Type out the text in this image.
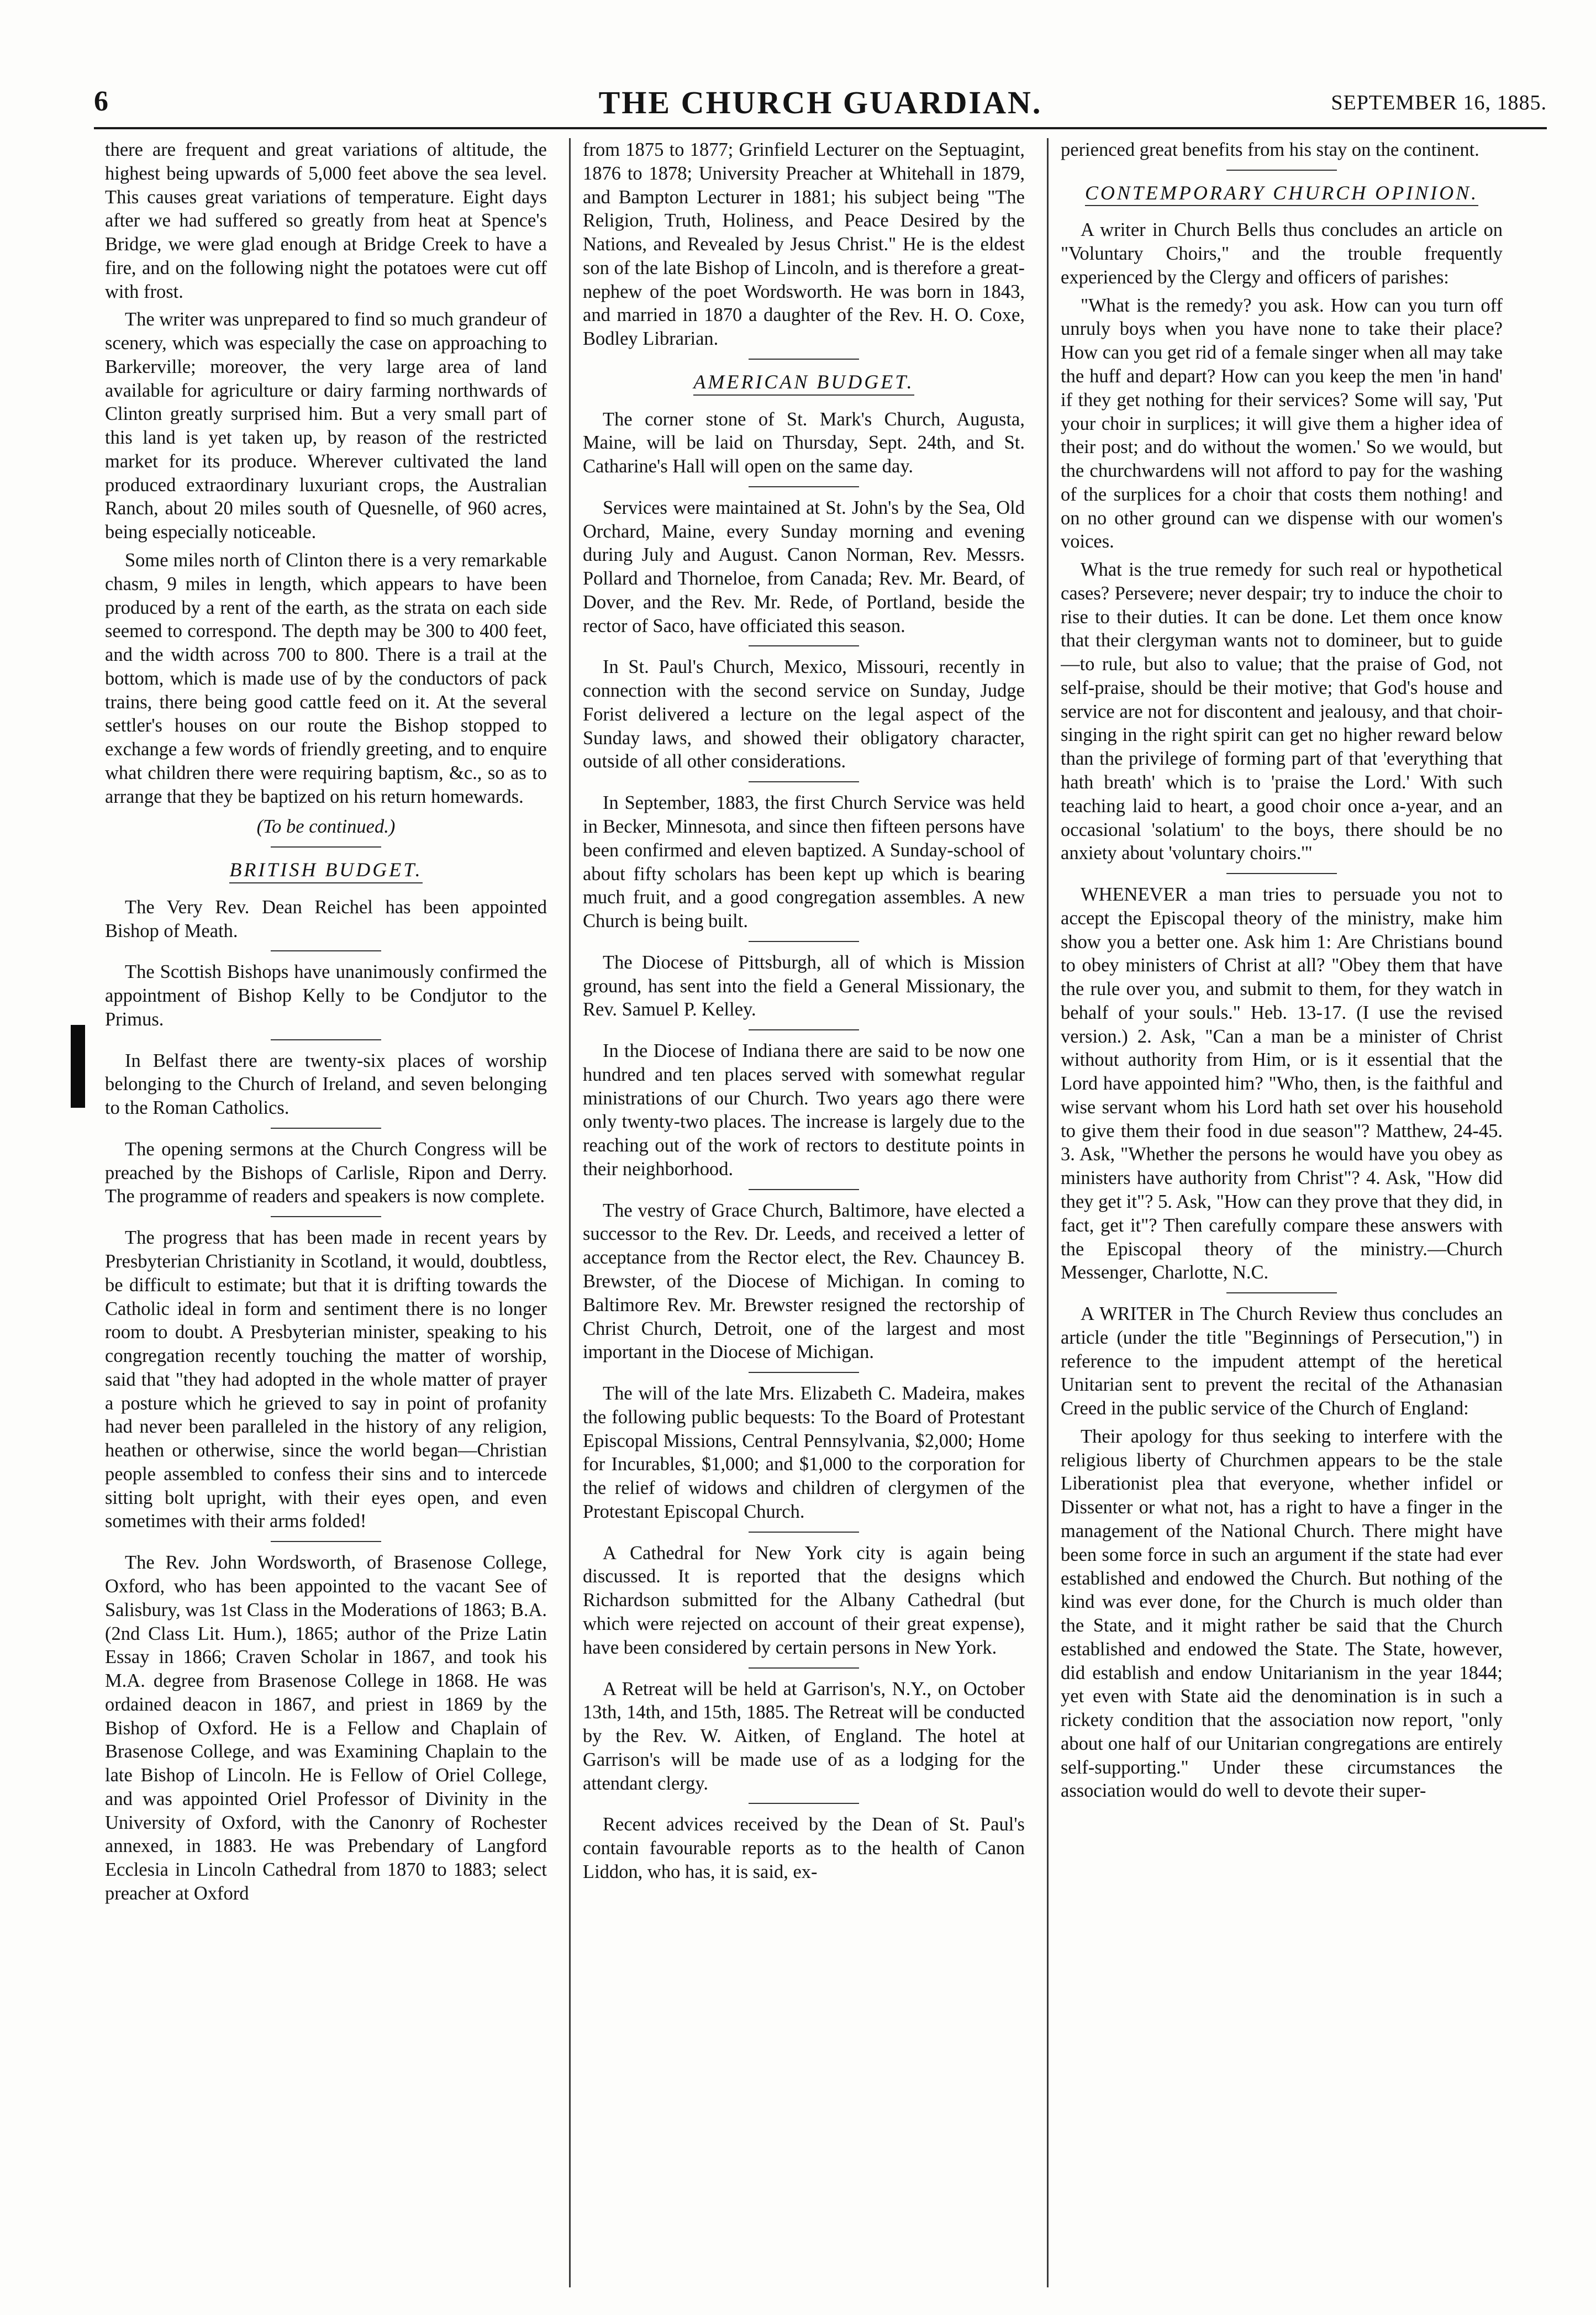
6	THE CHURCH GUARDIAN.	SEPTEMBER 16, 1885.

there are frequent and great variations of altitude, the highest being upwards of 5,000 feet above the sea level. This causes great variations of temperature. Eight days after we had suffered so greatly from heat at Spence's Bridge, we were glad enough at Bridge Creek to have a fire, and on the following night the potatoes were cut off with frost.

The writer was unprepared to find so much grandeur of scenery, which was especially the case on approaching to Barkerville; moreover, the very large area of land available for agriculture or dairy farming northwards of Clinton greatly surprised him. But a very small part of this land is yet taken up, by reason of the restricted market for its produce. Wherever cultivated the land produced extraordinary luxuriant crops, the Australian Ranch, about 20 miles south of Quesnelle, of 960 acres, being especially noticeable.

Some miles north of Clinton there is a very remarkable chasm, 9 miles in length, which appears to have been produced by a rent of the earth, as the strata on each side seemed to correspond. The depth may be 300 to 400 feet, and the width across 700 to 800. There is a trail at the bottom, which is made use of by the conductors of pack trains, there being good cattle feed on it. At the several settler's houses on our route the Bishop stopped to exchange a few words of friendly greeting, and to enquire what children there were requiring baptism, &c., so as to arrange that they be baptized on his return homewards.

(To be continued.)
BRITISH BUDGET.

The Very Rev. Dean Reichel has been appointed Bishop of Meath.

The Scottish Bishops have unanimously confirmed the appointment of Bishop Kelly to be Condjutor to the Primus.

In Belfast there are twenty-six places of worship belonging to the Church of Ireland, and seven belonging to the Roman Catholics.

The opening sermons at the Church Congress will be preached by the Bishops of Carlisle, Ripon and Derry. The programme of readers and speakers is now complete.

The progress that has been made in recent years by Presbyterian Christianity in Scotland, it would, doubtless, be difficult to estimate; but that it is drifting towards the Catholic ideal in form and sentiment there is no longer room to doubt. A Presbyterian minister, speaking to his congregation recently touching the matter of worship, said that "they had adopted in the whole matter of prayer a posture which he grieved to say in point of profanity had never been paralleled in the history of any religion, heathen or otherwise, since the world began—Christian people assembled to confess their sins and to intercede sitting bolt upright, with their eyes open, and even sometimes with their arms folded!

The Rev. John Wordsworth, of Brasenose College, Oxford, who has been appointed to the vacant See of Salisbury, was 1st Class in the Moderations of 1863; B.A. (2nd Class Lit. Hum.), 1865; author of the Prize Latin Essay in 1866; Craven Scholar in 1867, and took his M.A. degree from Brasenose College in 1868. He was ordained deacon in 1867, and priest in 1869 by the Bishop of Oxford. He is a Fellow and Chaplain of Brasenose College, and was Examining Chaplain to the late Bishop of Lincoln. He is Fellow of Oriel College, and was appointed Oriel Professor of Divinity in the University of Oxford, with the Canonry of Rochester annexed, in 1883. He was Prebendary of Langford Ecclesia in Lincoln Cathedral from 1870 to 1883; select preacher at Oxford

from 1875 to 1877; Grinfield Lecturer on the Septuagint, 1876 to 1878; University Preacher at Whitehall in 1879, and Bampton Lecturer in 1881; his subject being "The Religion, Truth, Holiness, and Peace Desired by the Nations, and Revealed by Jesus Christ." He is the eldest son of the late Bishop of Lincoln, and is therefore a great-nephew of the poet Wordsworth. He was born in 1843, and married in 1870 a daughter of the Rev. H. O. Coxe, Bodley Librarian.

AMERICAN BUDGET.

The corner stone of St. Mark's Church, Augusta, Maine, will be laid on Thursday, Sept. 24th, and St. Catharine's Hall will open on the same day.

Services were maintained at St. John's by the Sea, Old Orchard, Maine, every Sunday morning and evening during July and August. Canon Norman, Rev. Messrs. Pollard and Thorneloe, from Canada; Rev. Mr. Beard, of Dover, and the Rev. Mr. Rede, of Portland, beside the rector of Saco, have officiated this season.

In St. Paul's Church, Mexico, Missouri, recently in connection with the second service on Sunday, Judge Forist delivered a lecture on the legal aspect of the Sunday laws, and showed their obligatory character, outside of all other considerations.

In September, 1883, the first Church Service was held in Becker, Minnesota, and since then fifteen persons have been confirmed and eleven baptized. A Sunday-school of about fifty scholars has been kept up which is bearing much fruit, and a good congregation assembles. A new Church is being built.

The Diocese of Pittsburgh, all of which is Mission ground, has sent into the field a General Missionary, the Rev. Samuel P. Kelley.

In the Diocese of Indiana there are said to be now one hundred and ten places served with somewhat regular ministrations of our Church. Two years ago there were only twenty-two places. The increase is largely due to the reaching out of the work of rectors to destitute points in their neighborhood.

The vestry of Grace Church, Baltimore, have elected a successor to the Rev. Dr. Leeds, and received a letter of acceptance from the Rector elect, the Rev. Chauncey B. Brewster, of the Diocese of Michigan. In coming to Baltimore Rev. Mr. Brewster resigned the rectorship of Christ Church, Detroit, one of the largest and most important in the Diocese of Michigan.

The will of the late Mrs. Elizabeth C. Madeira, makes the following public bequests: To the Board of Protestant Episcopal Missions, Central Pennsylvania, $2,000; Home for Incurables, $1,000; and $1,000 to the corporation for the relief of widows and children of clergymen of the Protestant Episcopal Church.

A Cathedral for New York city is again being discussed. It is reported that the designs which Richardson submitted for the Albany Cathedral (but which were rejected on account of their great expense), have been considered by certain persons in New York.

A Retreat will be held at Garrison's, N.Y., on October 13th, 14th, and 15th, 1885. The Retreat will be conducted by the Rev. W. Aitken, of England. The hotel at Garrison's will be made use of as a lodging for the attendant clergy.

Recent advices received by the Dean of St. Paul's contain favourable reports as to the health of Canon Liddon, who has, it is said, ex-

perienced great benefits from his stay on the continent.

CONTEMPORARY CHURCH OPINION.

A writer in Church Bells thus concludes an article on "Voluntary Choirs," and the trouble frequently experienced by the Clergy and officers of parishes:

"What is the remedy? you ask. How can you turn off unruly boys when you have none to take their place? How can you get rid of a female singer when all may take the huff and depart? How can you keep the men 'in hand' if they get nothing for their services? Some will say, 'Put your choir in surplices; it will give them a higher idea of their post; and do without the women.' So we would, but the churchwardens will not afford to pay for the washing of the surplices for a choir that costs them nothing! and on no other ground can we dispense with our women's voices.

What is the true remedy for such real or hypothetical cases? Persevere; never despair; try to induce the choir to rise to their duties. It can be done. Let them once know that their clergyman wants not to domineer, but to guide—to rule, but also to value; that the praise of God, not self-praise, should be their motive; that God's house and service are not for discontent and jealousy, and that choir-singing in the right spirit can get no higher reward below than the privilege of forming part of that 'everything that hath breath' which is to 'praise the Lord.' With such teaching laid to heart, a good choir once a-year, and an occasional 'solatium' to the boys, there should be no anxiety about 'voluntary choirs.'"

WHENEVER a man tries to persuade you not to accept the Episcopal theory of the ministry, make him show you a better one. Ask him 1: Are Christians bound to obey ministers of Christ at all? "Obey them that have the rule over you, and submit to them, for they watch in behalf of your souls." Heb. 13-17. (I use the revised version.) 2. Ask, "Can a man be a minister of Christ without authority from Him, or is it essential that the Lord have appointed him? "Who, then, is the faithful and wise servant whom his Lord hath set over his household to give them their food in due season"? Matthew, 24-45. 3. Ask, "Whether the persons he would have you obey as ministers have authority from Christ"? 4. Ask, "How did they get it"? 5. Ask, "How can they prove that they did, in fact, get it"? Then carefully compare these answers with the Episcopal theory of the ministry.—Church Messenger, Charlotte, N.C.

A WRITER in The Church Review thus concludes an article (under the title "Beginnings of Persecution,") in reference to the impudent attempt of the heretical Unitarian sent to prevent the recital of the Athanasian Creed in the public service of the Church of England:

Their apology for thus seeking to interfere with the religious liberty of Churchmen appears to be the stale Liberationist plea that everyone, whether infidel or Dissenter or what not, has a right to have a finger in the management of the National Church. There might have been some force in such an argument if the state had ever established and endowed the Church. But nothing of the kind was ever done, for the Church is much older than the State, and it might rather be said that the Church established and endowed the State. The State, however, did establish and endow Unitarianism in the year 1844; yet even with State aid the denomination is in such a rickety condition that the association now report, "only about one half of our Unitarian congregations are entirely self-supporting." Under these circumstances the association would do well to devote their super-
